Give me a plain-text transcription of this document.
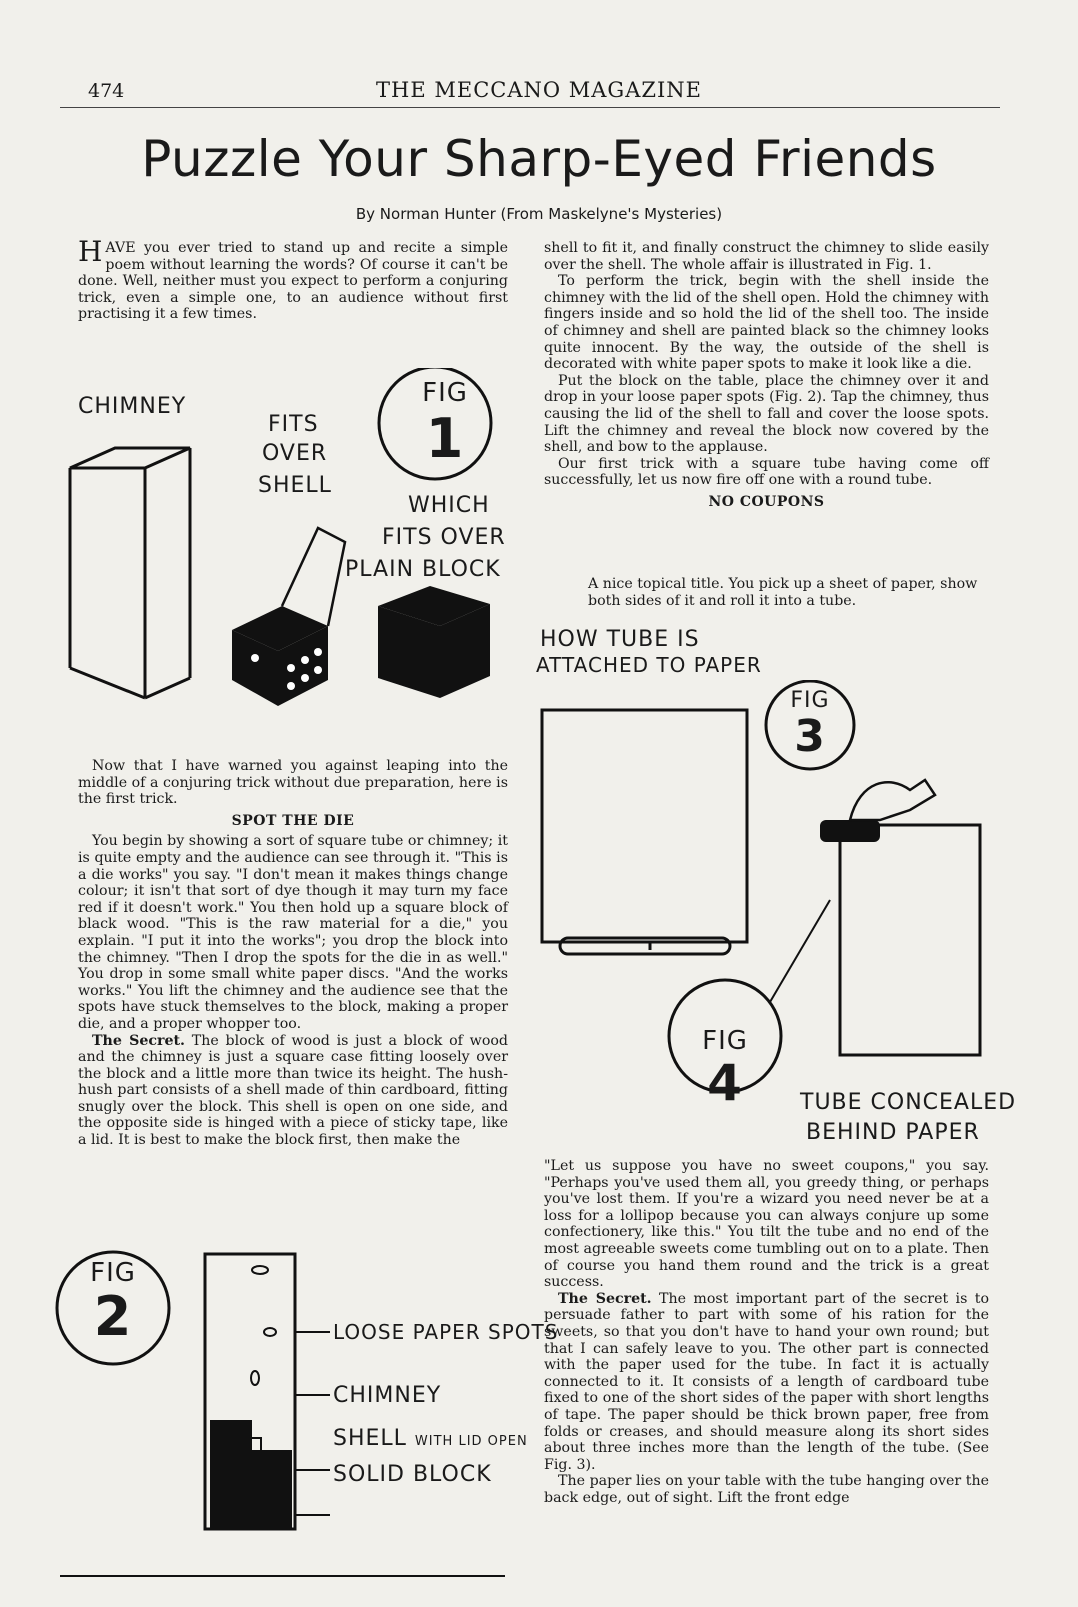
474	THE MECCANO MAGAZINE
Puzzle Your Sharp-Eyed Friends
By Norman Hunter (From Maskelyne's Mysteries)

HAVE you ever tried to stand up and recite a simple poem without learning the words? Of course it can't be done. Well, neither must you expect to perform a conjuring trick, even a simple one, to an audience without first practising it a few times.

FIG
1
CHIMNEY
FITS
OVER
SHELL
WHICH
FITS OVER
PLAIN BLOCK

Now that I have warned you against leaping into the middle of a conjuring trick without due preparation, here is the first trick.

SPOT THE DIE

You begin by showing a sort of square tube or chimney; it is quite empty and the audience can see through it. "This is a die works" you say. "I don't mean it makes things change colour; it isn't that sort of dye though it may turn my face red if it doesn't work." You then hold up a square block of black wood. "This is the raw material for a die," you explain. "I put it into the works"; you drop the block into the chimney. "Then I drop the spots for the die in as well." You drop in some small white paper discs. "And the works works." You lift the chimney and the audience see that the spots have stuck themselves to the block, making a proper die, and a proper whopper too.

The Secret. The block of wood is just a block of wood and the chimney is just a square case fitting loosely over the block and a little more than twice its height. The hush-hush part consists of a shell made of thin cardboard, fitting snugly over the block. This shell is open on one side, and the opposite side is hinged with a piece of sticky tape, like a lid. It is best to make the block first, then make the

FIG
2	LOOSE PAPER SPOTS
CHIMNEY
SHELL WITH LID OPEN
SOLID BLOCK

shell to fit it, and finally construct the chimney to slide easily over the shell. The whole affair is illustrated in Fig. 1.

To perform the trick, begin with the shell inside the chimney with the lid of the shell open. Hold the chimney with fingers inside and so hold the lid of the shell too. The inside of chimney and shell are painted black so the chimney looks quite innocent. By the way, the outside of the shell is decorated with white paper spots to make it look like a die.

Put the block on the table, place the chimney over it and drop in your loose paper spots (Fig. 2). Tap the chimney, thus causing the lid of the shell to fall and cover the loose spots. Lift the chimney and reveal the block now covered by the shell, and bow to the applause.

Our first trick with a square tube having come off successfully, let us now fire off one with a round tube.

NO COUPONS

A nice topical title. You pick up a sheet of paper, show both sides of it and roll it into a tube.

HOW TUBE IS
ATTACHED TO PAPER
FIG
3
FIG
4	TUBE CONCEALED
BEHIND PAPER

"Let us suppose you have no sweet coupons," you say. "Perhaps you've used them all, you greedy thing, or perhaps you've lost them. If you're a wizard you need never be at a loss for a lollipop because you can always conjure up some confectionery, like this." You tilt the tube and no end of the most agreeable sweets come tumbling out on to a plate. Then of course you hand them round and the trick is a great success.

The Secret. The most important part of the secret is to persuade father to part with some of his ration for the sweets, so that you don't have to hand your own round; but that I can safely leave to you. The other part is connected with the paper used for the tube. In fact it is actually connected to it. It consists of a length of cardboard tube fixed to one of the short sides of the paper with short lengths of tape. The paper should be thick brown paper, free from folds or creases, and should measure along its short sides about three inches more than the length of the tube. (See Fig. 3).

The paper lies on your table with the tube hanging over the back edge, out of sight. Lift the front edge
